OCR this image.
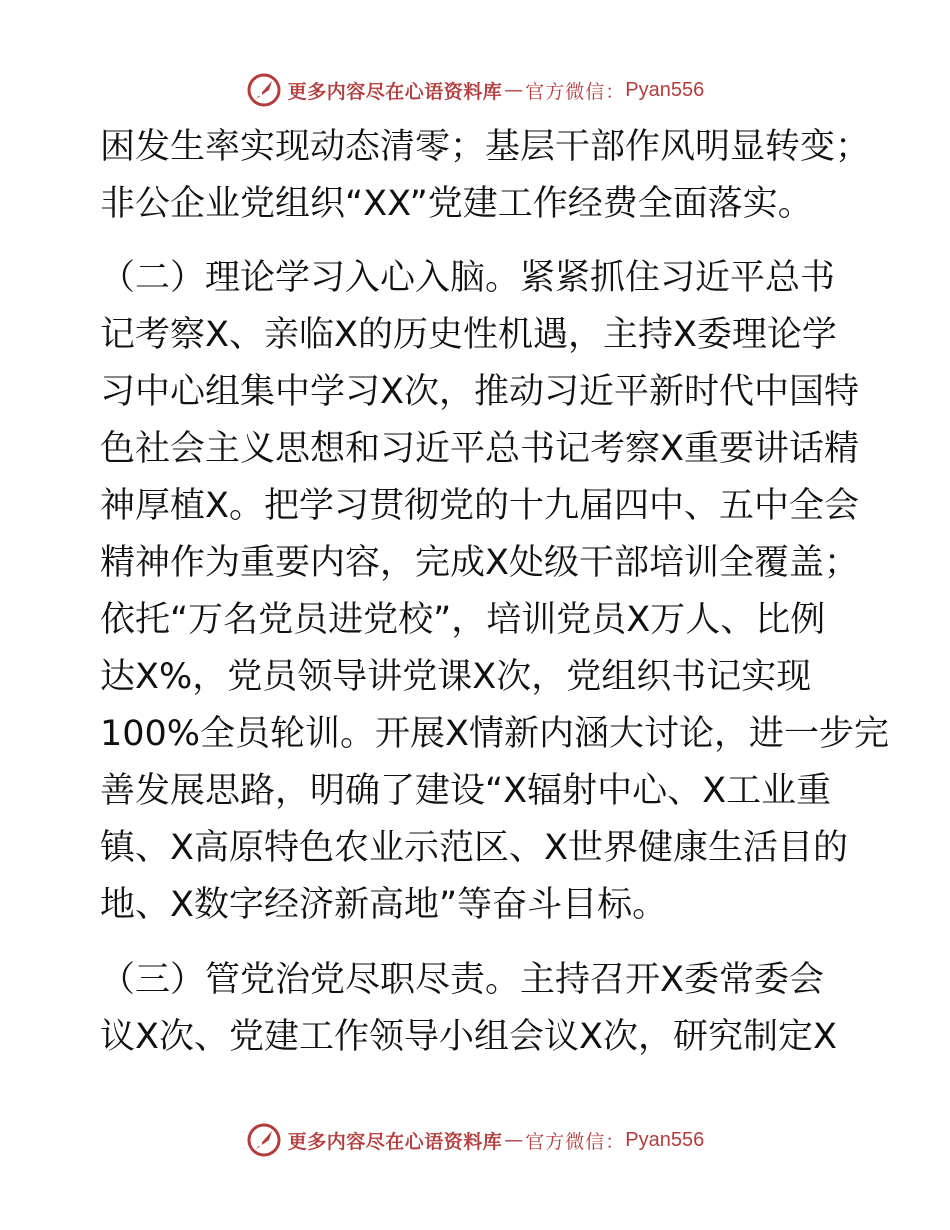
更多内容尽在心语资料库 — 官方微信： Pyan556
困发生率实现动态清零；基层干部作风明显转变；
非公企业党组织“XX”党建工作经费全面落实。
（二）理论学习入心入脑。紧紧抓住习近平总书
记考察X、亲临X的历史性机遇，主持X委理论学
习中心组集中学习X次，推动习近平新时代中国特
色社会主义思想和习近平总书记考察X重要讲话精
神厚植X。把学习贯彻党的十九届四中、五中全会
精神作为重要内容，完成X处级干部培训全覆盖；
依托“万名党员进党校”，培训党员X万人、比例
达X%，党员领导讲党课X次，党组织书记实现
100%全员轮训。开展X情新内涵大讨论，进一步完
善发展思路，明确了建设“X辐射中心、X工业重
镇、X高原特色农业示范区、X世界健康生活目的
地、X数字经济新高地”等奋斗目标。
（三）管党治党尽职尽责。主持召开X委常委会
议X次、党建工作领导小组会议X次，研究制定X
更多内容尽在心语资料库 — 官方微信： Pyan556
